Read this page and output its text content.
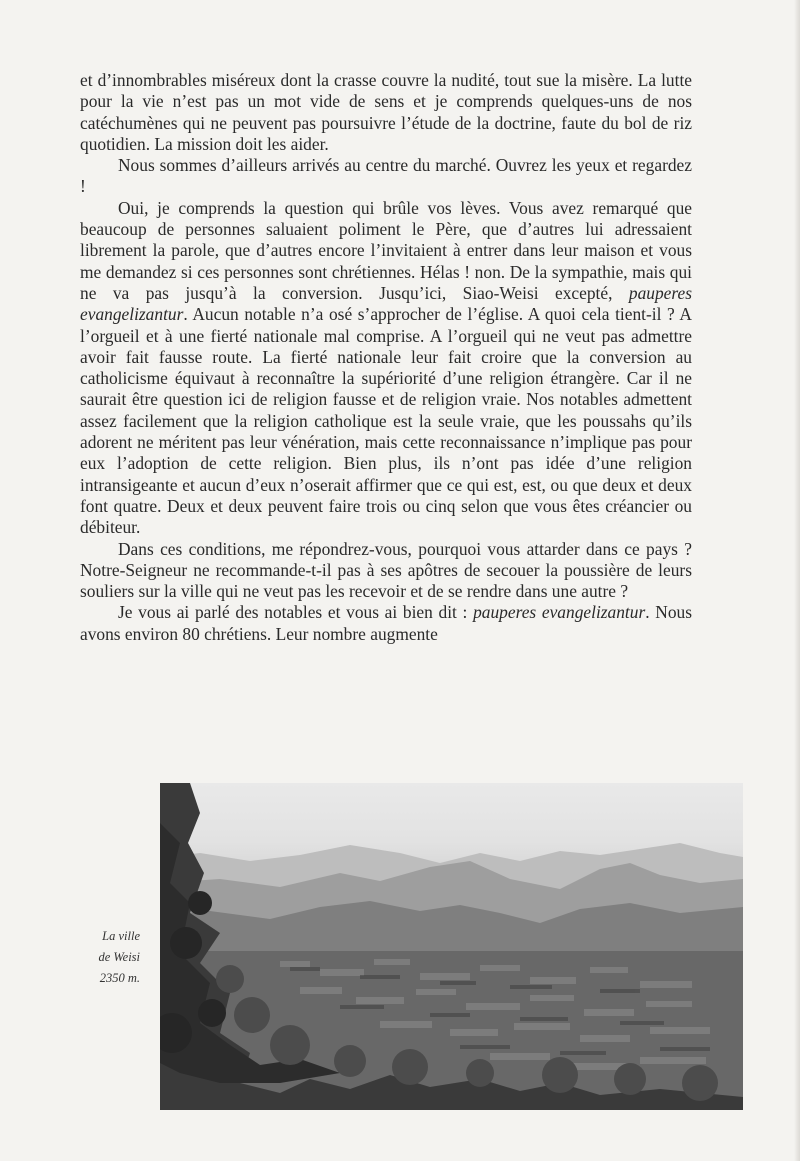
et d’innombrables miséreux dont la crasse couvre la nudité, tout sue la misère. La lutte pour la vie n’est pas un mot vide de sens et je comprends quelques-uns de nos catéchumènes qui ne peuvent pas poursuivre l’étude de la doctrine, faute du bol de riz quotidien. La mission doit les aider.

Nous sommes d’ailleurs arrivés au centre du marché. Ouvrez les yeux et regardez !

Oui, je comprends la question qui brûle vos lèves. Vous avez remarqué que beaucoup de personnes saluaient poliment le Père, que d’autres lui adressaient librement la parole, que d’autres encore l’invitaient à entrer dans leur maison et vous me demandez si ces personnes sont chrétiennes. Hélas ! non. De la sympathie, mais qui ne va pas jusqu’à la conversion. Jusqu’ici, Siao-Weisi excepté, pauperes evangelizantur. Aucun notable n’a osé s’approcher de l’église. A quoi cela tient-il ? A l’orgueil et à une fierté nationale mal comprise. A l’orgueil qui ne veut pas admettre avoir fait fausse route. La fierté nationale leur fait croire que la conversion au catholicisme équivaut à reconnaître la supériorité d’une religion étrangère. Car il ne saurait être question ici de religion fausse et de religion vraie. Nos notables admettent assez facilement que la religion catholique est la seule vraie, que les poussahs qu’ils adorent ne méritent pas leur vénération, mais cette reconnaissance n’implique pas pour eux l’adoption de cette religion. Bien plus, ils n’ont pas idée d’une religion intransigeante et aucun d’eux n’oserait affirmer que ce qui est, est, ou que deux et deux font quatre. Deux et deux peuvent faire trois ou cinq selon que vous êtes créancier ou débiteur.

Dans ces conditions, me répondrez-vous, pourquoi vous attarder dans ce pays ? Notre-Seigneur ne recommande-t-il pas à ses apôtres de secouer la poussière de leurs souliers sur la ville qui ne veut pas les recevoir et de se rendre dans une autre ?

Je vous ai parlé des notables et vous ai bien dit : pauperes evangelizantur. Nous avons environ 80 chrétiens. Leur nombre augmente

La ville
de Weisi
2350 m.
